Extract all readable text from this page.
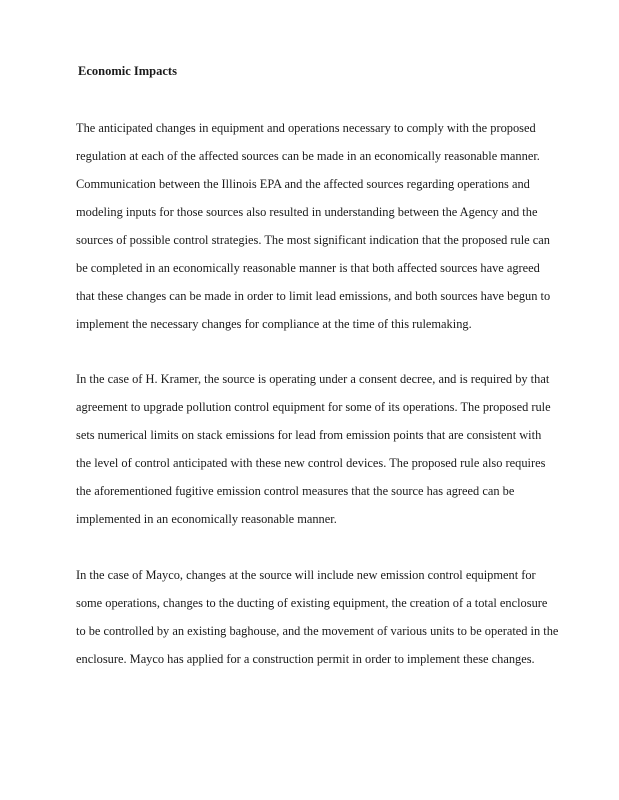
Economic Impacts
The anticipated changes in equipment and operations necessary to comply with the proposed
regulation at each of the affected sources can be made in an economically reasonable manner.
Communication between the Illinois EPA and the affected sources regarding operations and
modeling inputs for those sources also resulted in understanding between the Agency and the
sources of possible control strategies. The most significant indication that the proposed rule can
be completed in an economically reasonable manner is that both affected sources have agreed
that these changes can be made in order to limit lead emissions, and both sources have begun to
implement the necessary changes for compliance at the time of this rulemaking.
In the case of H. Kramer, the source is operating under a consent decree, and is required by that
agreement to upgrade pollution control equipment for some of its operations. The proposed rule
sets numerical limits on stack emissions for lead from emission points that are consistent with
the level of control anticipated with these new control devices. The proposed rule also requires
the aforementioned fugitive emission control measures that the source has agreed can be
implemented in an economically reasonable manner.
In the case of Mayco, changes at the source will include new emission control equipment for
some operations, changes to the ducting of existing equipment, the creation of a total enclosure
to be controlled by an existing baghouse, and the movement of various units to be operated in the
enclosure. Mayco has applied for a construction permit in order to implement these changes.
